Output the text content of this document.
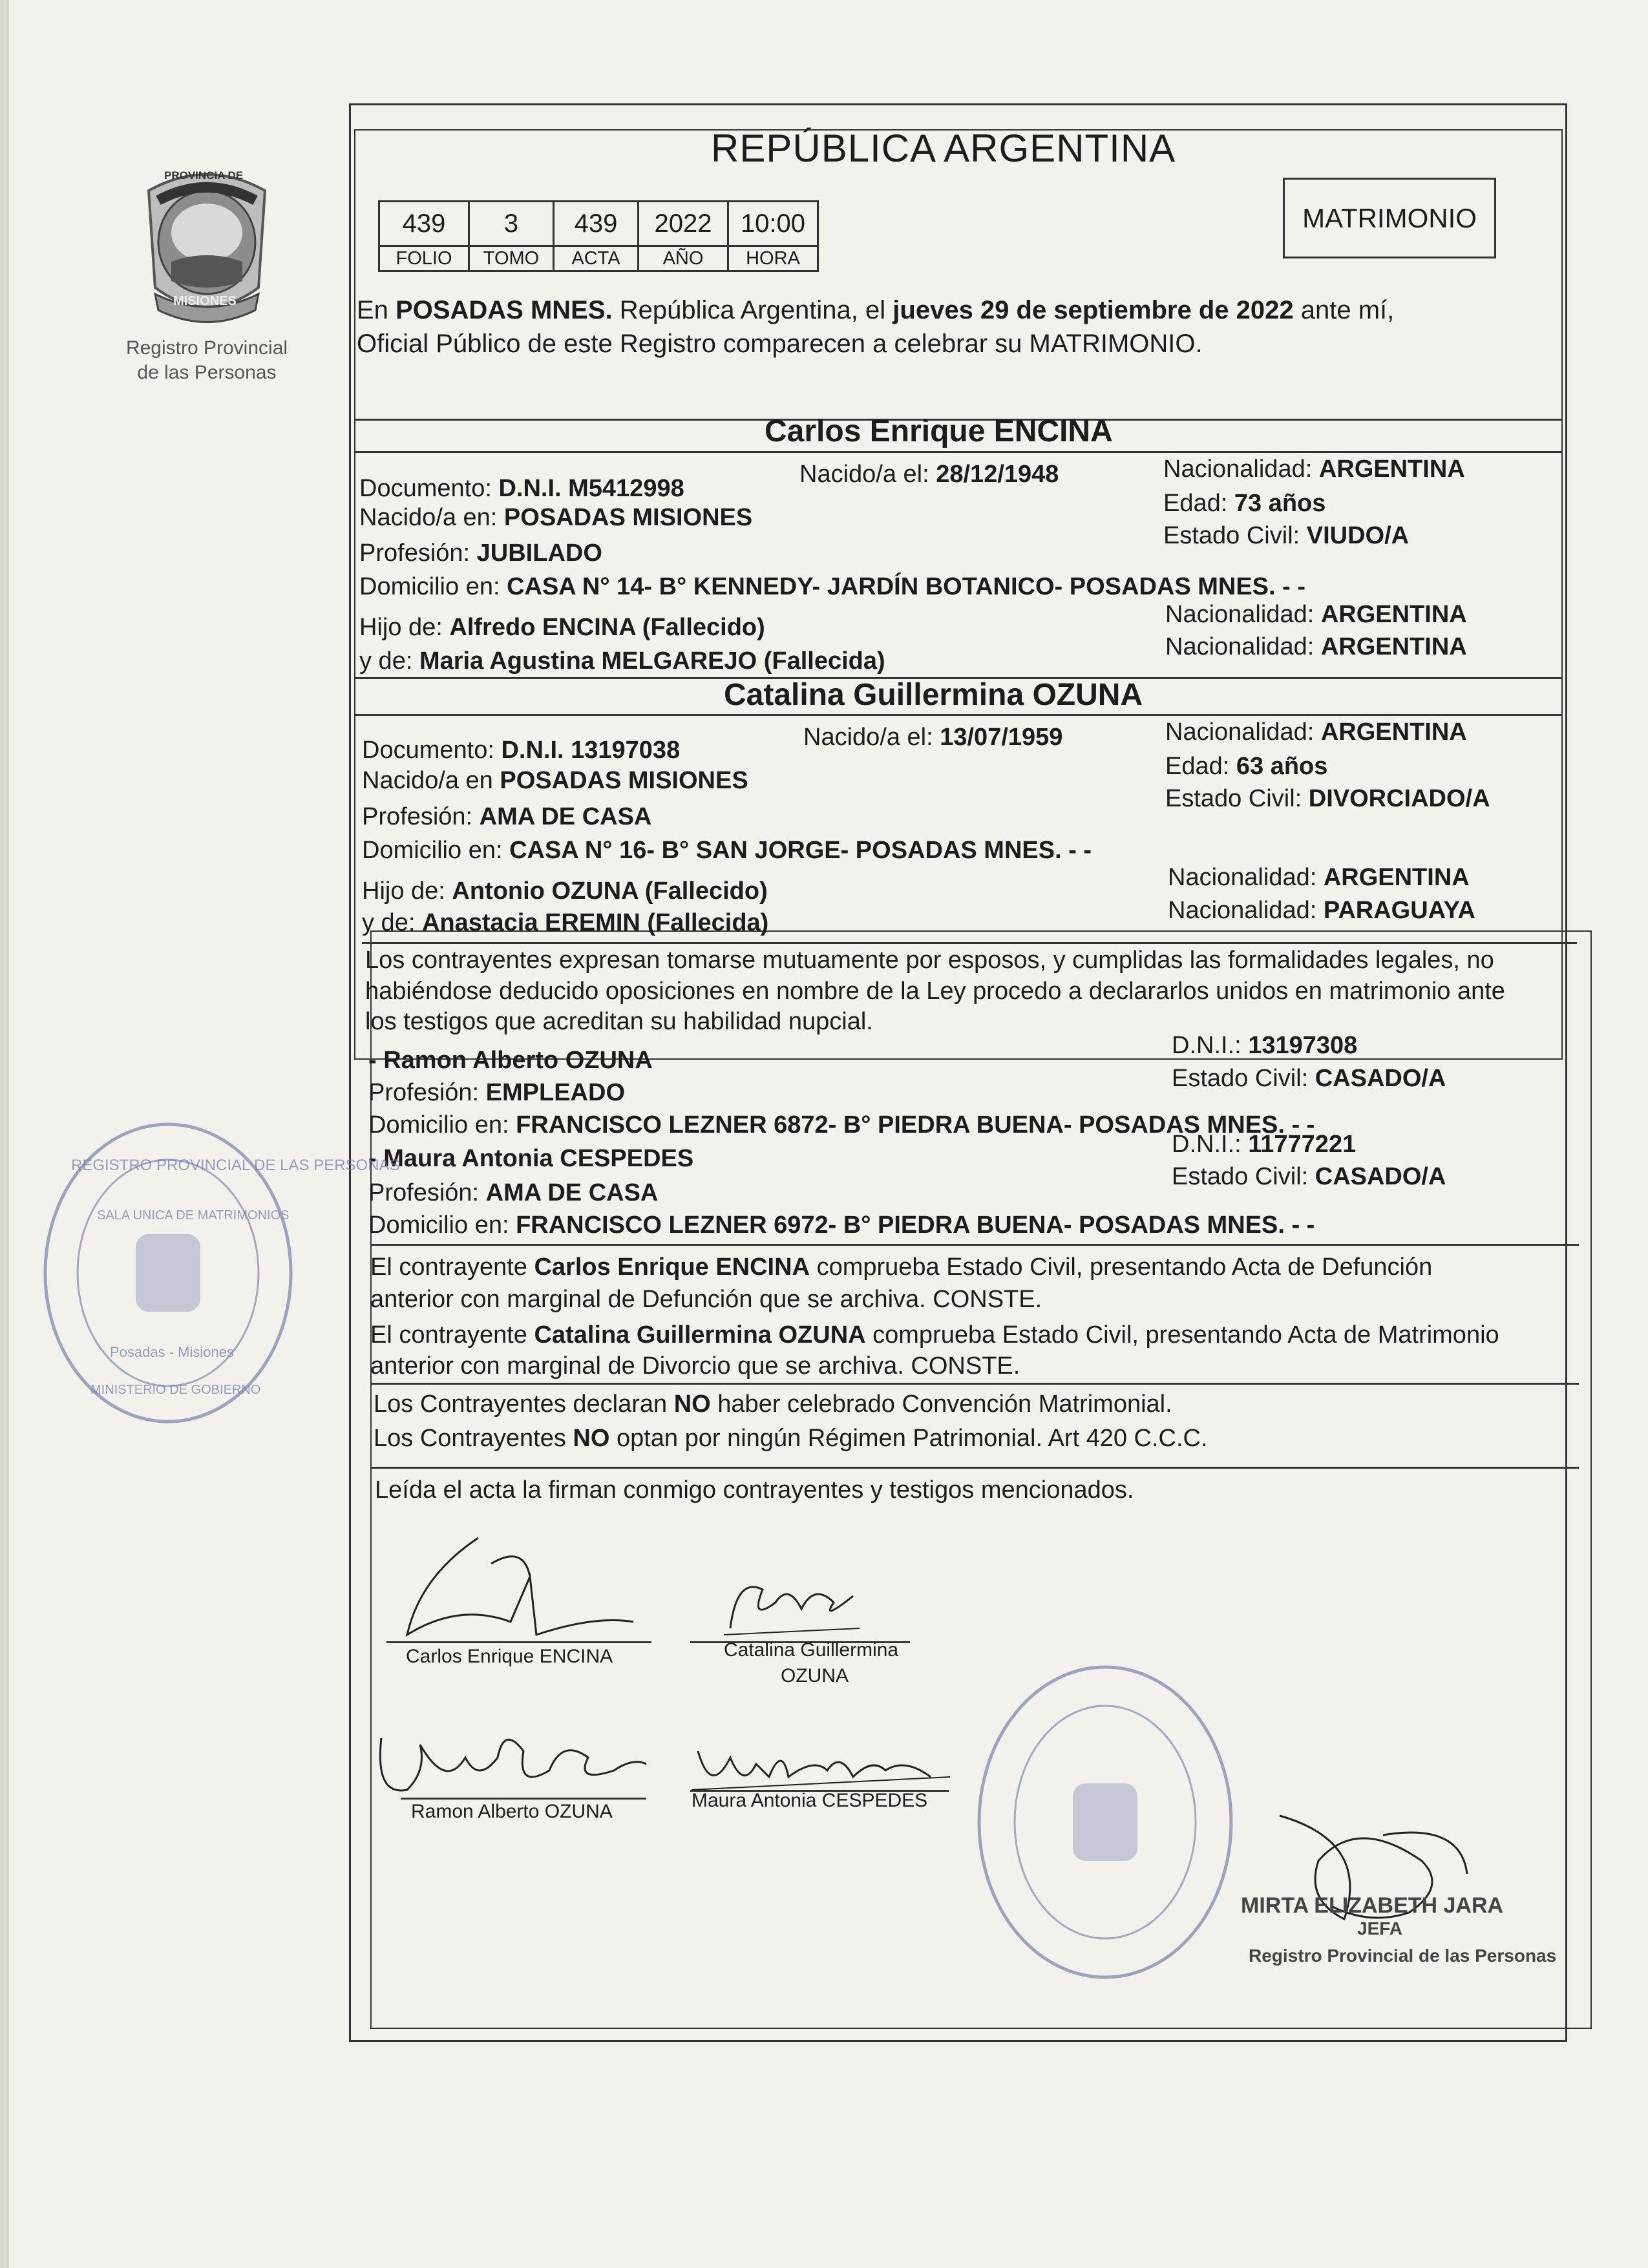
PROVINCIA DE
MISIONES
Registro Provincial
de las Personas
REPÚBLICA ARGENTINA
439	3	439	2022	10:00
FOLIO	TOMO	ACTA	AÑO	HORA
MATRIMONIO
En POSADAS MNES. República Argentina, el jueves 29 de septiembre de 2022 ante mí,
Oficial Público de este Registro comparecen a celebrar su MATRIMONIO.
Carlos Enrique ENCINA
Documento: D.N.I. M5412998
Nacido/a el: 28/12/1948	Nacionalidad: ARGENTINA
Nacido/a en: POSADAS MISIONES
Edad: 73 años
Profesión: JUBILADO
Estado Civil: VIUDO/A
Domicilio en: CASA N° 14- B° KENNEDY- JARDÍN BOTANICO- POSADAS MNES. - -
Hijo de: Alfredo ENCINA (Fallecido)	Nacionalidad: ARGENTINA
y de: Maria Agustina MELGAREJO (Fallecida)
Nacionalidad: ARGENTINA
Catalina Guillermina OZUNA
Documento: D.N.I. 13197038	Nacido/a el: 13/07/1959	Nacionalidad: ARGENTINA
Nacido/a en POSADAS MISIONES
Edad: 63 años
Profesión: AMA DE CASA
Estado Civil: DIVORCIADO/A
Domicilio en: CASA N° 16- B° SAN JORGE- POSADAS MNES. - -
Hijo de: Antonio OZUNA (Fallecido)	Nacionalidad: ARGENTINA
y de: Anastacia EREMIN (Fallecida)	Nacionalidad: PARAGUAYA
Los contrayentes expresan tomarse mutuamente por esposos, y cumplidas las formalidades legales, no
habiéndose deducido oposiciones en nombre de la Ley procedo a declararlos unidos en matrimonio ante
los testigos que acreditan su habilidad nupcial.
- Ramon Alberto OZUNA
D.N.I.: 13197308
Profesión: EMPLEADO
Estado Civil: CASADO/A
Domicilio en: FRANCISCO LEZNER 6872- B° PIEDRA BUENA- POSADAS MNES. - -
- Maura Antonia CESPEDES
D.N.I.: 11777221
Profesión: AMA DE CASA
Estado Civil: CASADO/A
Domicilio en: FRANCISCO LEZNER 6972- B° PIEDRA BUENA- POSADAS MNES. - -
El contrayente Carlos Enrique ENCINA comprueba Estado Civil, presentando Acta de Defunción
anterior con marginal de Defunción que se archiva. CONSTE.
El contrayente Catalina Guillermina OZUNA comprueba Estado Civil, presentando Acta de Matrimonio
anterior con marginal de Divorcio que se archiva. CONSTE.
Los Contrayentes declaran NO haber celebrado Convención Matrimonial.
Los Contrayentes NO optan por ningún Régimen Patrimonial. Art 420 C.C.C.
Leída el acta la firman conmigo contrayentes y testigos mencionados.
Carlos Enrique ENCINA	Catalina Guillermina
OZUNA
Ramon Alberto OZUNA
Maura Antonia CESPEDES
MIRTA ELIZABETH JARA
JEFA
Registro Provincial de las Personas
REGISTRO PROVINCIAL DE LAS PERSONAS
SALA UNICA DE MATRIMONIOS
Posadas - Misiones
MINISTERIO DE GOBIERNO
